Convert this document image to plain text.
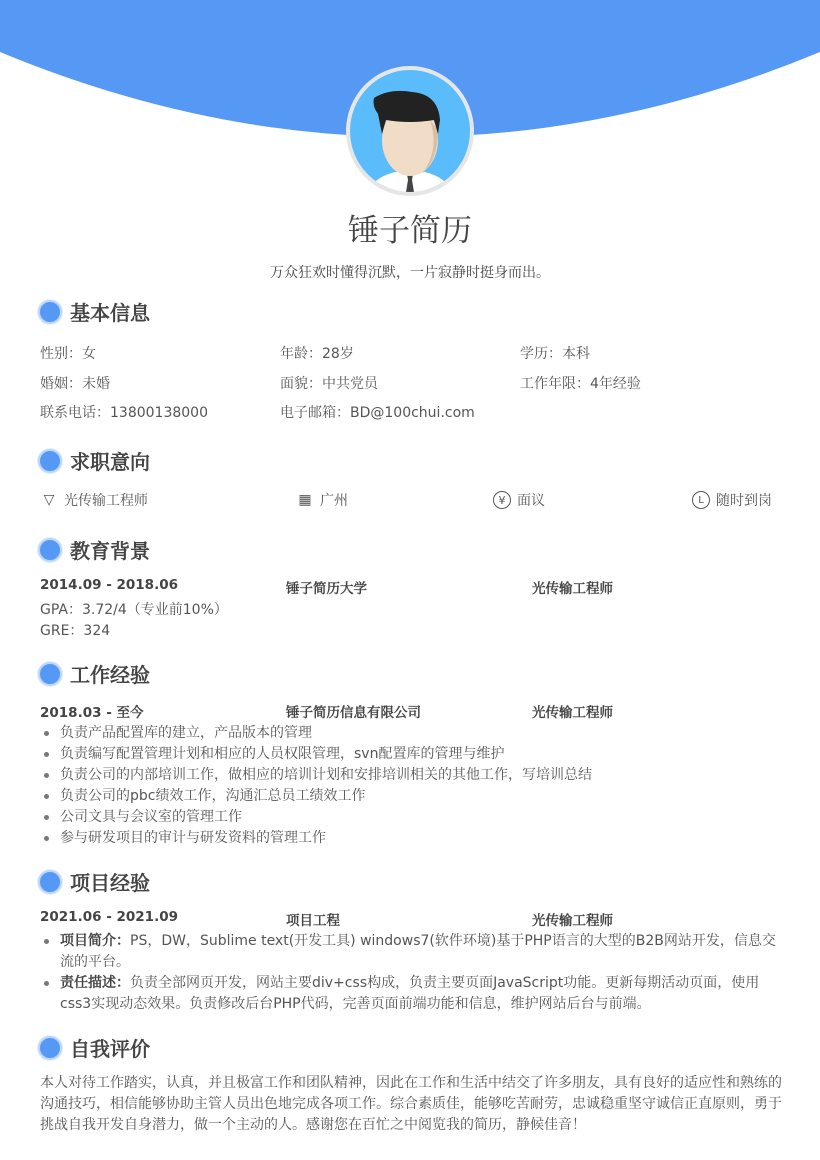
锤子简历
万众狂欢时懂得沉默，一片寂静时挺身而出。
基本信息
性别：女	年龄：28岁	学历：本科
婚姻：未婚	面貌：中共党员	工作年限：4年经验
联系电话：13800138000	电子邮箱：BD@100chui.com
求职意向
▽ 光传输工程师	▦ 广州	¥ 面议	L 随时到岗
教育背景
2014.09 - 2018.06	锤子简历大学	光传输工程师
GPA：3.72/4（专业前10%）
GRE：324
工作经验
2018.03 - 至今	锤子简历信息有限公司	光传输工程师
负责产品配置库的建立，产品版本的管理
负责编写配置管理计划和相应的人员权限管理，svn配置库的管理与维护
负责公司的内部培训工作，做相应的培训计划和安排培训相关的其他工作，写培训总结
负责公司的pbc绩效工作，沟通汇总员工绩效工作
公司文具与会议室的管理工作
参与研发项目的审计与研发资料的管理工作
项目经验
2021.06 - 2021.09	项目工程	光传输工程师
项目简介：PS，DW，Sublime text(开发工具) windows7(软件环境)基于PHP语言的大型的B2B网站开发，信息交流的平台。
责任描述：负责全部网页开发，网站主要div+css构成，负责主要页面JavaScript功能。更新每期活动页面，使用css3实现动态效果。负责修改后台PHP代码，完善页面前端功能和信息，维护网站后台与前端。
自我评价

本人对待工作踏实，认真，并且极富工作和团队精神，因此在工作和生活中结交了许多朋友，具有良好的适应性和熟练的沟通技巧，相信能够协助主管人员出色地完成各项工作。综合素质佳，能够吃苦耐劳，忠诚稳重坚守诚信正直原则，勇于挑战自我开发自身潜力，做一个主动的人。感谢您在百忙之中阅览我的简历，静候佳音！
